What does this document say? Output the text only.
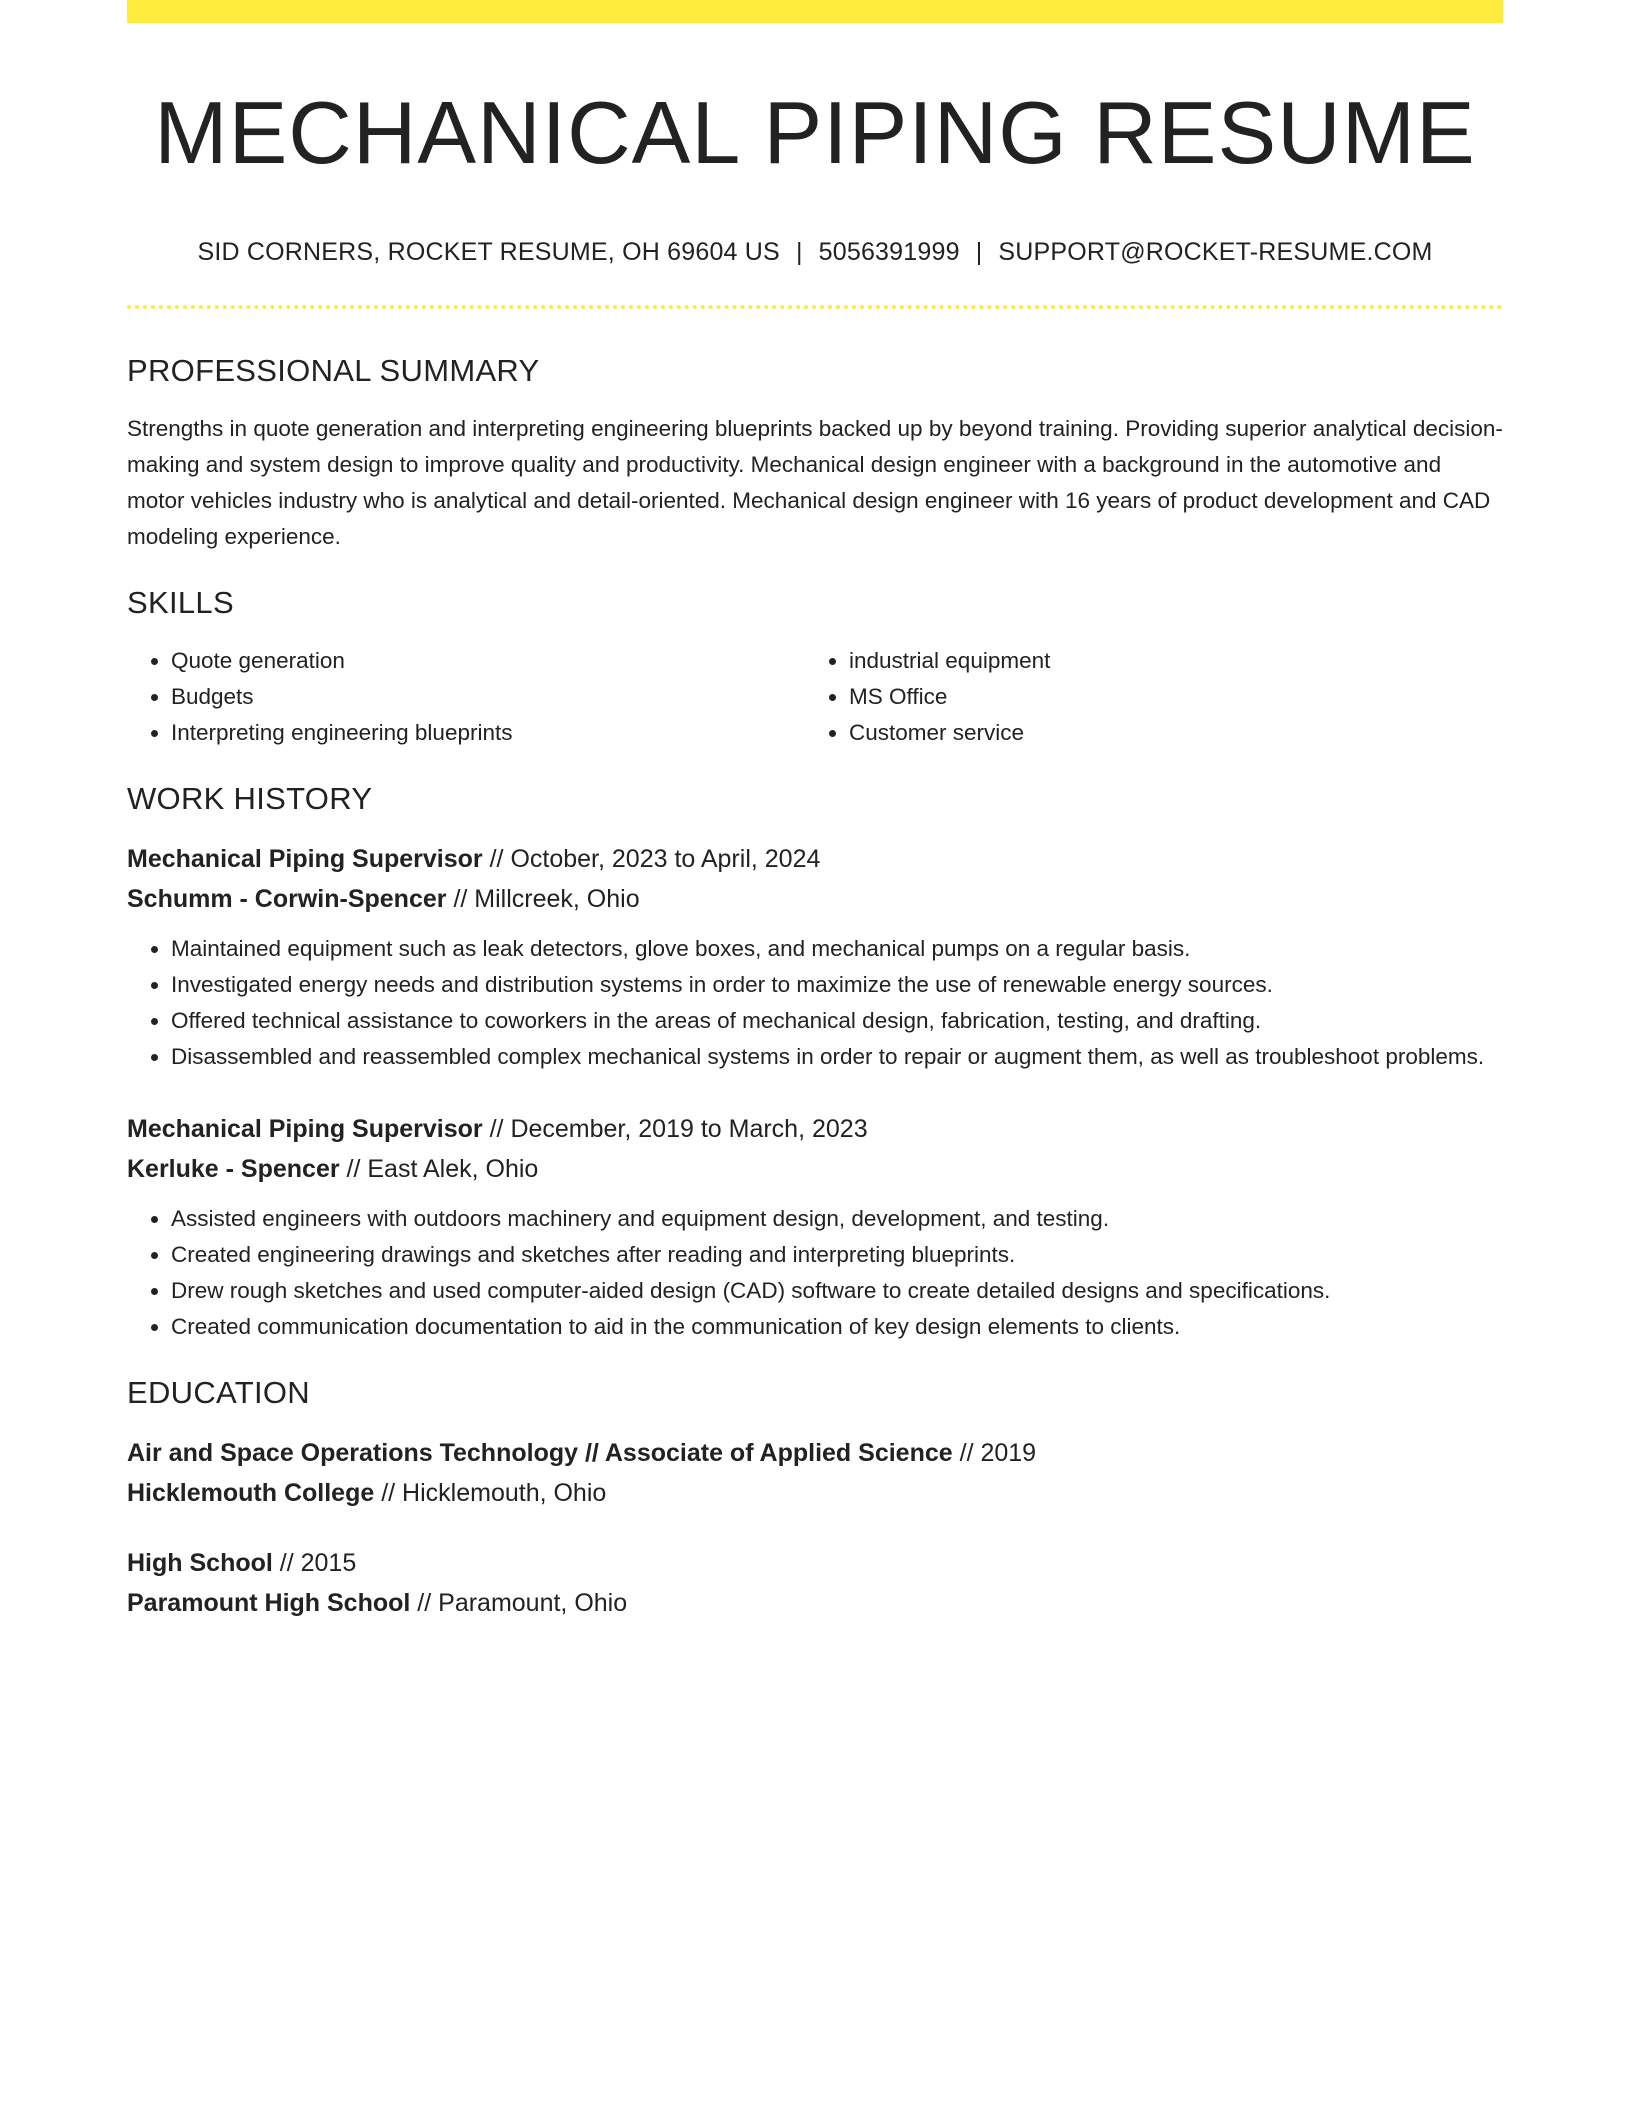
MECHANICAL PIPING RESUME
SID CORNERS, ROCKET RESUME, OH 69604 US | 5056391999 | SUPPORT@ROCKET-RESUME.COM
PROFESSIONAL SUMMARY
Strengths in quote generation and interpreting engineering blueprints backed up by beyond training. Providing superior analytical decision-making and system design to improve quality and productivity. Mechanical design engineer with a background in the automotive and motor vehicles industry who is analytical and detail-oriented. Mechanical design engineer with 16 years of product development and CAD modeling experience.
SKILLS
• Quote generation
• Budgets
• Interpreting engineering blueprints
• industrial equipment
• MS Office
• Customer service
WORK HISTORY
Mechanical Piping Supervisor // October, 2023 to April, 2024
Schumm - Corwin-Spencer // Millcreek, Ohio
• Maintained equipment such as leak detectors, glove boxes, and mechanical pumps on a regular basis.
• Investigated energy needs and distribution systems in order to maximize the use of renewable energy sources.
• Offered technical assistance to coworkers in the areas of mechanical design, fabrication, testing, and drafting.
• Disassembled and reassembled complex mechanical systems in order to repair or augment them, as well as troubleshoot problems.
Mechanical Piping Supervisor // December, 2019 to March, 2023
Kerluke - Spencer // East Alek, Ohio
• Assisted engineers with outdoors machinery and equipment design, development, and testing.
• Created engineering drawings and sketches after reading and interpreting blueprints.
• Drew rough sketches and used computer-aided design (CAD) software to create detailed designs and specifications.
• Created communication documentation to aid in the communication of key design elements to clients.
EDUCATION
Air and Space Operations Technology // Associate of Applied Science // 2019
Hicklemouth College // Hicklemouth, Ohio
High School // 2015
Paramount High School // Paramount, Ohio
